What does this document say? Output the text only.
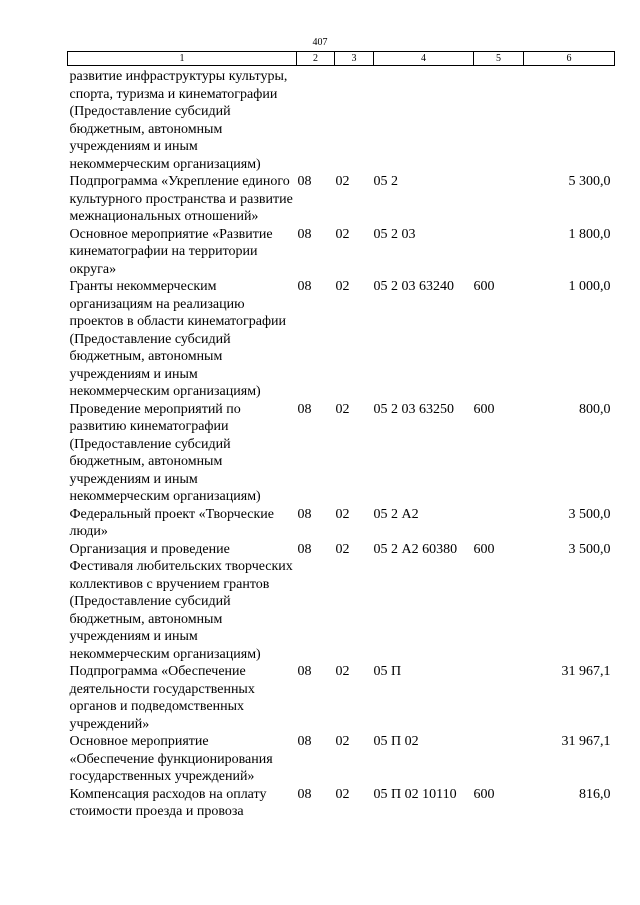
407
1	2	3	4	5	6
развитие инфраструктуры культуры, спорта, туризма и кинематографии (Предоставление субсидий бюджетным, автономным учреждениям и иным некоммерческим организациям)					
Подпрограмма «Укрепление единого культурного пространства и развитие межнациональных отношений»	08	02	05 2		5 300,0
Основное мероприятие «Развитие кинематографии на территории округа»	08	02	05 2 03		1 800,0
Гранты некоммерческим организациям на реализацию проектов в области кинематографии (Предоставление субсидий бюджетным, автономным учреждениям и иным некоммерческим организациям)	08	02	05 2 03 63240	600	1 000,0
Проведение мероприятий по развитию кинематографии (Предоставление субсидий бюджетным, автономным учреждениям и иным некоммерческим организациям)	08	02	05 2 03 63250	600	800,0
Федеральный проект «Творческие люди»	08	02	05 2 А2		3 500,0
Организация и проведение Фестиваля любительских творческих коллективов с вручением грантов (Предоставление субсидий бюджетным, автономным учреждениям и иным некоммерческим организациям)	08	02	05 2 А2 60380	600	3 500,0
Подпрограмма «Обеспечение деятельности государственных органов и подведомственных учреждений»	08	02	05 П		31 967,1
Основное мероприятие «Обеспечение функционирования государственных учреждений»	08	02	05 П 02		31 967,1
Компенсация расходов на оплату стоимости проезда и провоза	08	02	05 П 02 10110	600	816,0
